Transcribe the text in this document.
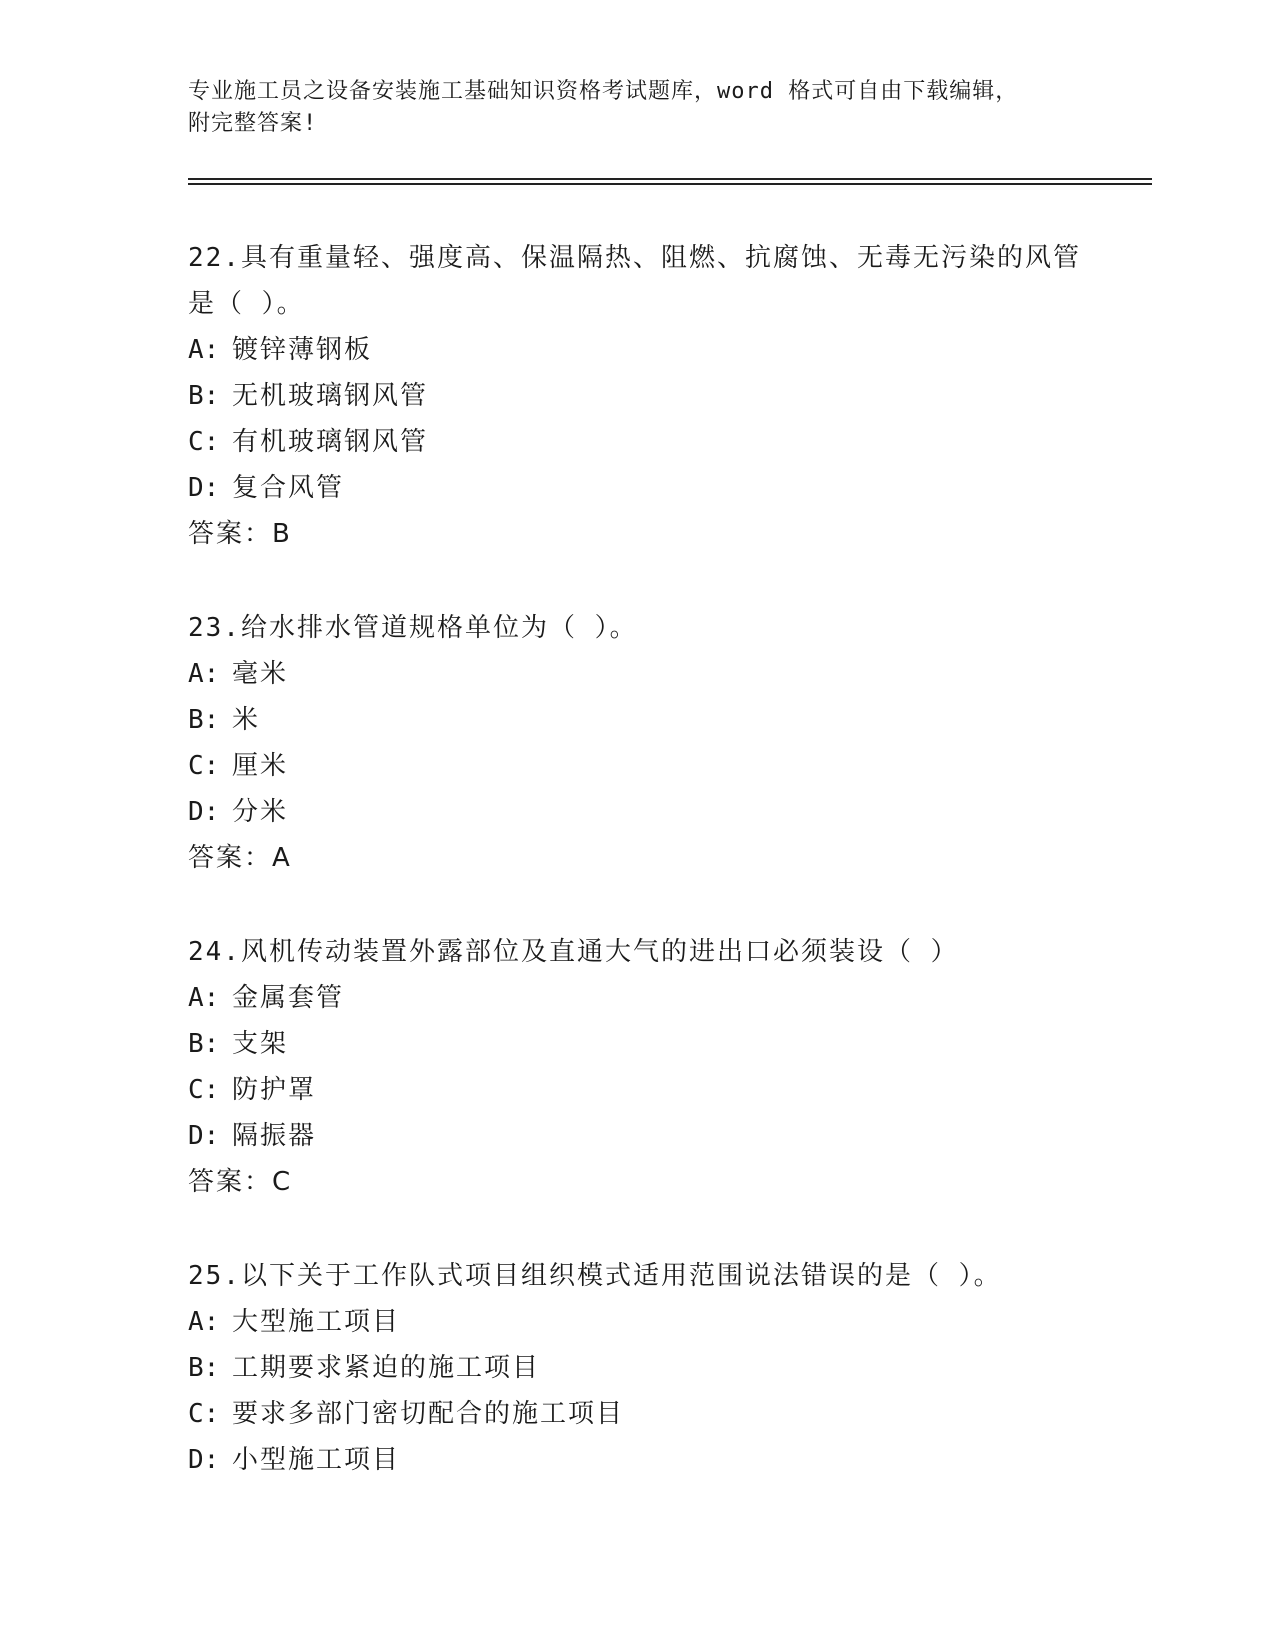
专业施工员之设备安装施工基础知识资格考试题库，word 格式可自由下载编辑，
附完整答案!

22.具有重量轻、强度高、保温隔热、阻燃、抗腐蚀、无毒无污染的风管是（ ）。

A: 镀锌薄钢板
B: 无机玻璃钢风管
C: 有机玻璃钢风管
D: 复合风管

答案：B

23.给水排水管道规格单位为（ ）。

A: 毫米
B: 米
C: 厘米
D: 分米

答案：A

24.风机传动装置外露部位及直通大气的进出口必须装设（ ）

A: 金属套管
B: 支架
C: 防护罩
D: 隔振器

答案：C

25.以下关于工作队式项目组织模式适用范围说法错误的是（ ）。

A: 大型施工项目
B: 工期要求紧迫的施工项目
C: 要求多部门密切配合的施工项目
D: 小型施工项目
